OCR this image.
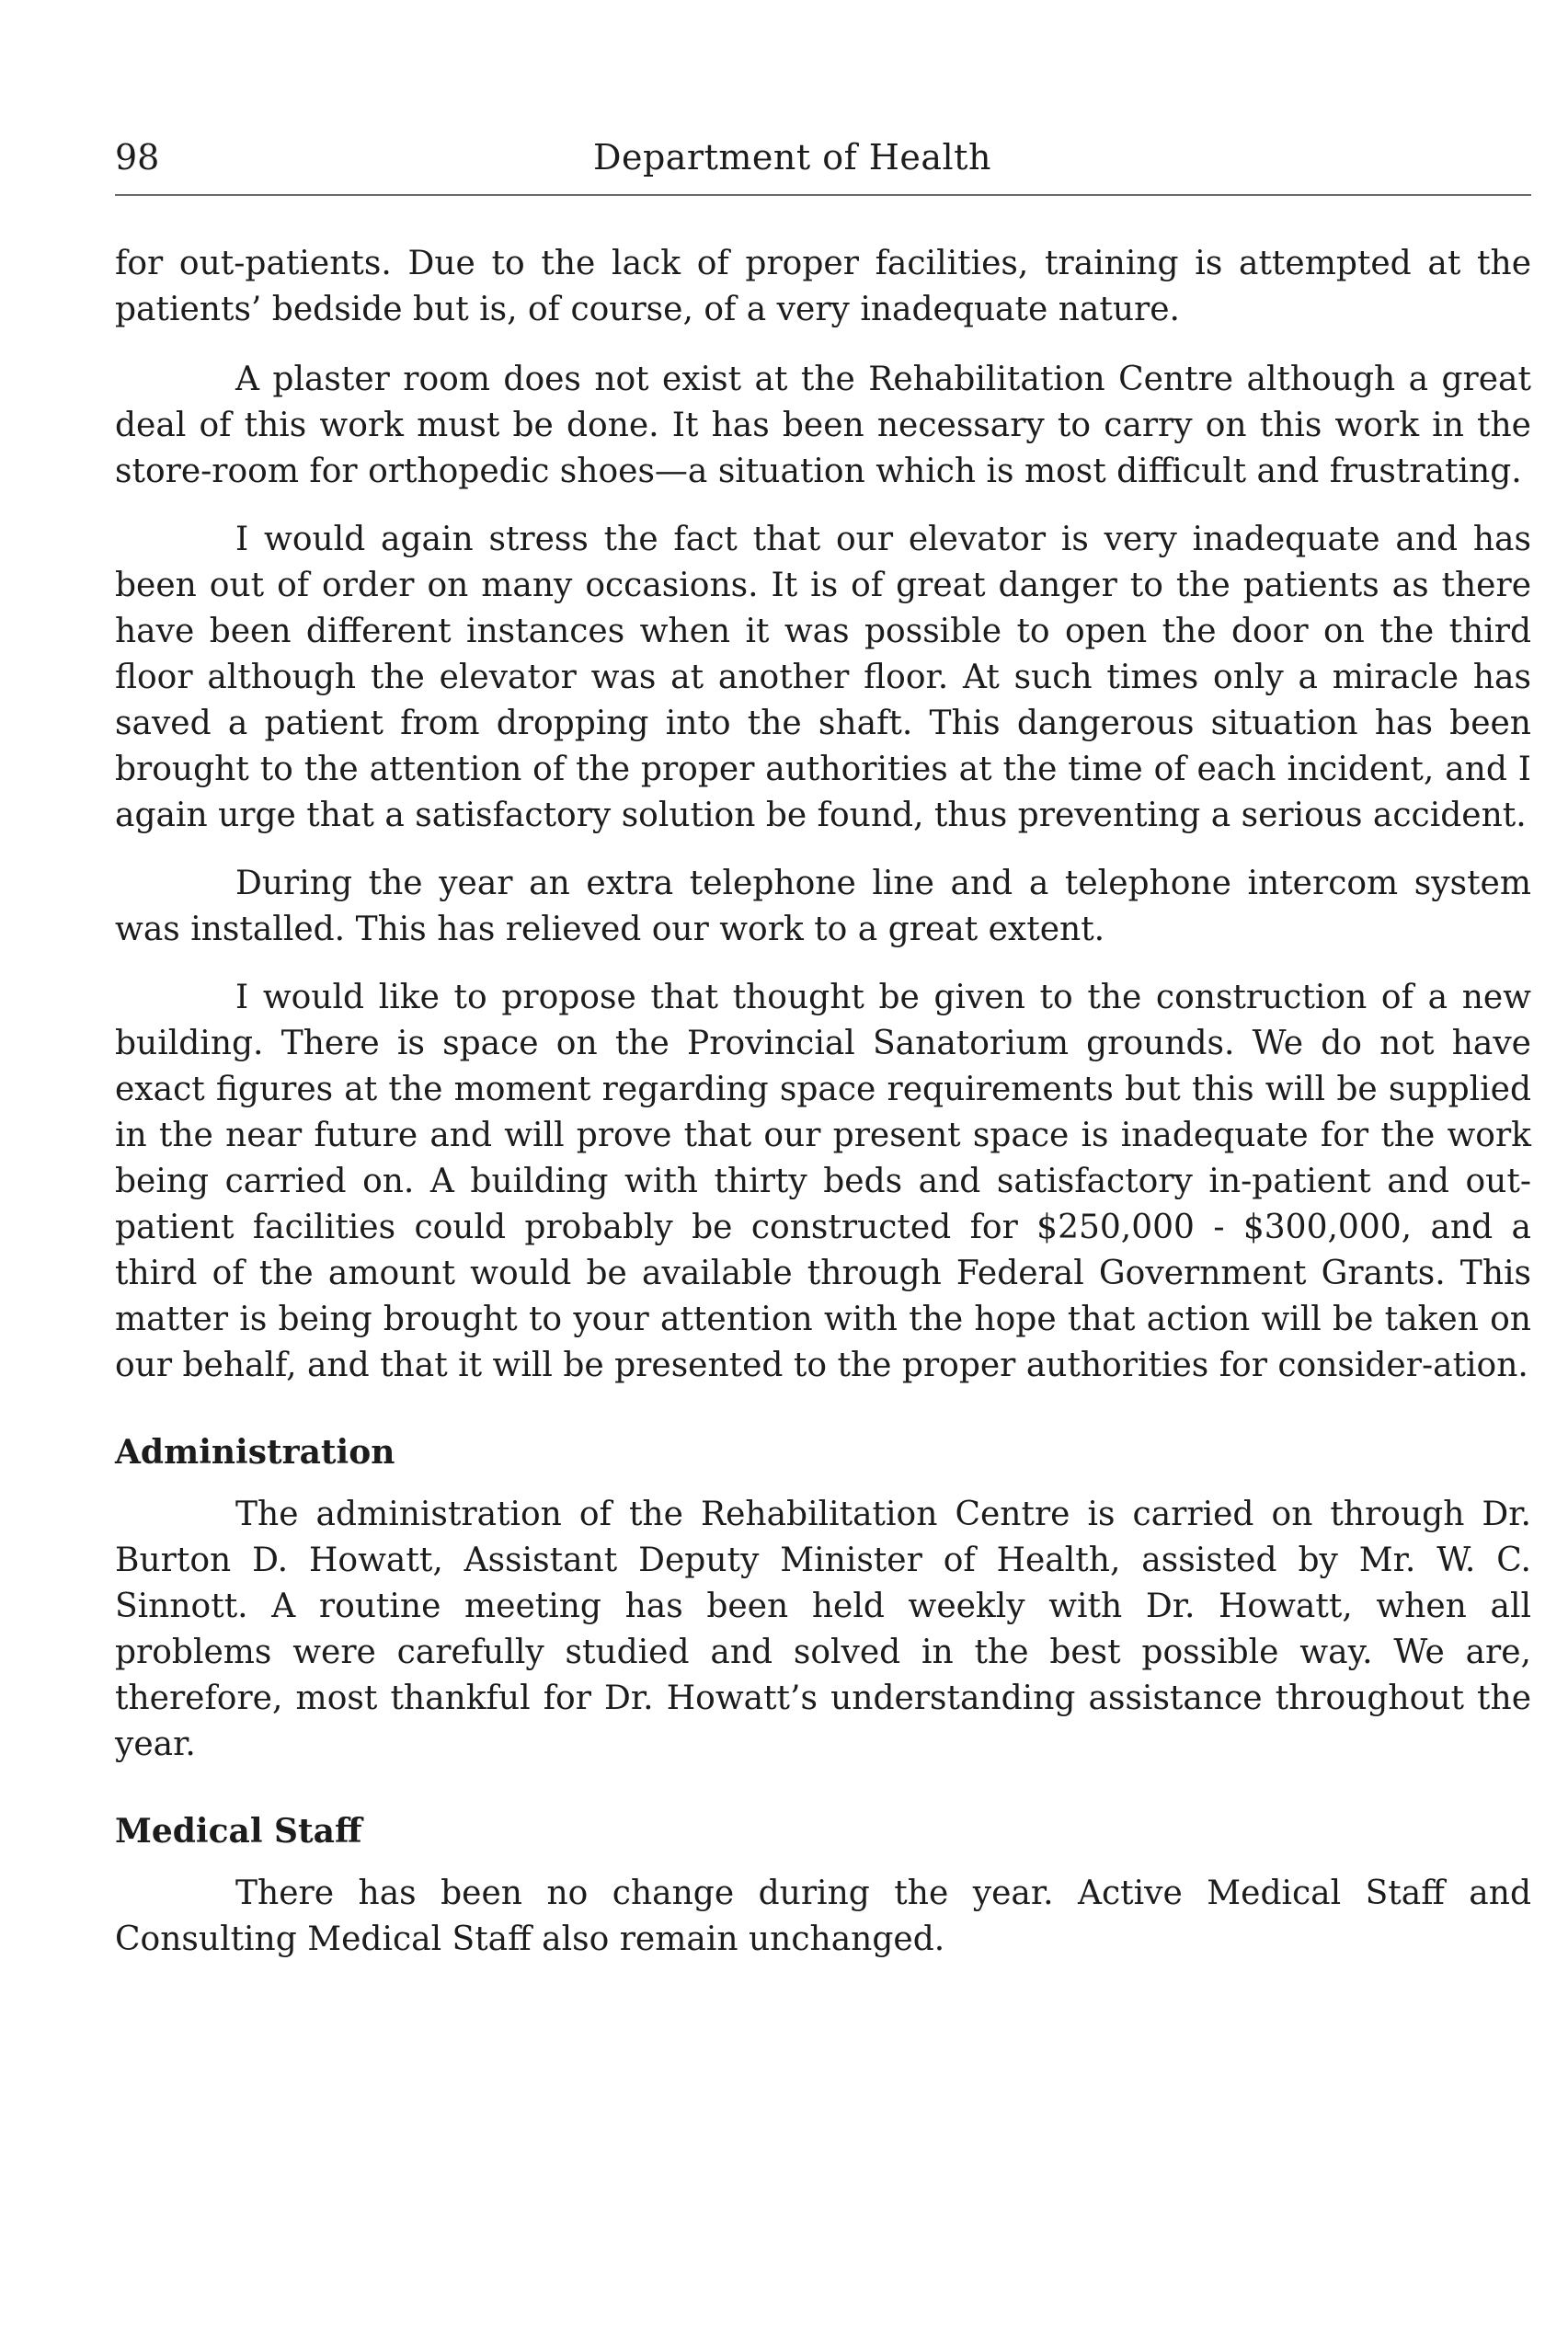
98	Department of Health

for out-patients. Due to the lack of proper facilities, training is attempted at the patients’ bedside but is, of course, of a very inadequate nature.

A plaster room does not exist at the Rehabilitation Centre although a great deal of this work must be done. It has been necessary to carry on this work in the store-room for orthopedic shoes—a situation which is most difficult and frustrating.

I would again stress the fact that our elevator is very inadequate and has been out of order on many occasions. It is of great danger to the patients as there have been different instances when it was possible to open the door on the third floor although the elevator was at another floor. At such times only a miracle has saved a patient from dropping into the shaft. This dangerous situation has been brought to the attention of the proper authorities at the time of each incident, and I again urge that a satisfactory solution be found, thus preventing a serious accident.

During the year an extra telephone line and a telephone intercom system was installed. This has relieved our work to a great extent.

I would like to propose that thought be given to the construction of a new building. There is space on the Provincial Sanatorium grounds. We do not have exact figures at the moment regarding space requirements but this will be supplied in the near future and will prove that our present space is inadequate for the work being carried on. A building with thirty beds and satisfactory in-patient and out-patient facilities could probably be constructed for $250,000 - $300,000, and a third of the amount would be available through Federal Government Grants. This matter is being brought to your attention with the hope that action will be taken on our behalf, and that it will be presented to the proper authorities for consider-ation.

Administration

The administration of the Rehabilitation Centre is carried on through Dr. Burton D. Howatt, Assistant Deputy Minister of Health, assisted by Mr. W. C. Sinnott. A routine meeting has been held weekly with Dr. Howatt, when all problems were carefully studied and solved in the best possible way. We are, therefore, most thankful for Dr. Howatt’s understanding assistance throughout the year.

Medical Staff

There has been no change during the year. Active Medical Staff and Consulting Medical Staff also remain unchanged.
